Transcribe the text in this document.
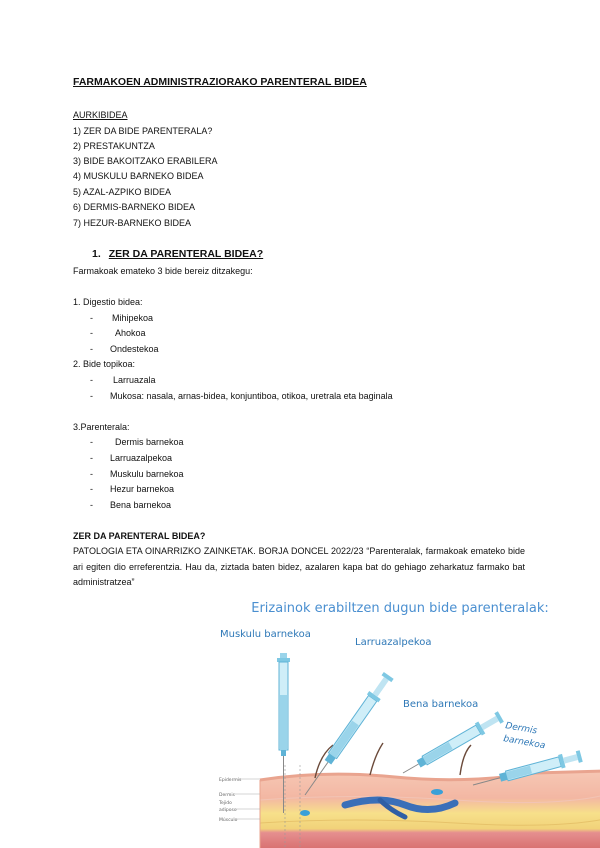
FARMAKOEN ADMINISTRAZIORAKO PARENTERAL BIDEA
AURKIBIDEA
1) ZER DA BIDE PARENTERALA?
2) PRESTAKUNTZA
3) BIDE BAKOITZAKO ERABILERA
4) MUSKULU BARNEKO BIDEA
5) AZAL-AZPIKO BIDEA
6) DERMIS-BARNEKO BIDEA
7) HEZUR-BARNEKO BIDEA
1. ZER DA PARENTERAL BIDEA?
Farmakoak emateko 3 bide bereiz ditzakegu:
1. Digestio bidea:
- Mihipekoa
- Ahokoa
- Ondestekoa
2. Bide topikoa:
- Larruazala
- Mukosa: nasala, arnas-bidea, konjuntiboa, otikoa, uretrala eta baginala
3.Parenterala:
- Dermis barnekoa
- Larruazalpekoa
- Muskulu barnekoa
- Hezur barnekoa
- Bena barnekoa
ZER DA PARENTERAL BIDEA?
PATOLOGIA ETA OINARRIZKO ZAINKETAK. BORJA DONCEL 2022/23 “Parenteralak, farmakoak emateko bide ari egiten dio erreferentzia. Hau da, ziztada baten bidez, azalaren kapa bat do gehiago zeharkatuz farmako bat administratzea”
Erizainok erabiltzen dugun bide parenteralak:
Muskulu barnekoa
Larruazalpekoa
Bena barnekoa
Dermis
barnekoa
Epidermis
Dermis
Tejido
adiposo
Músculo
